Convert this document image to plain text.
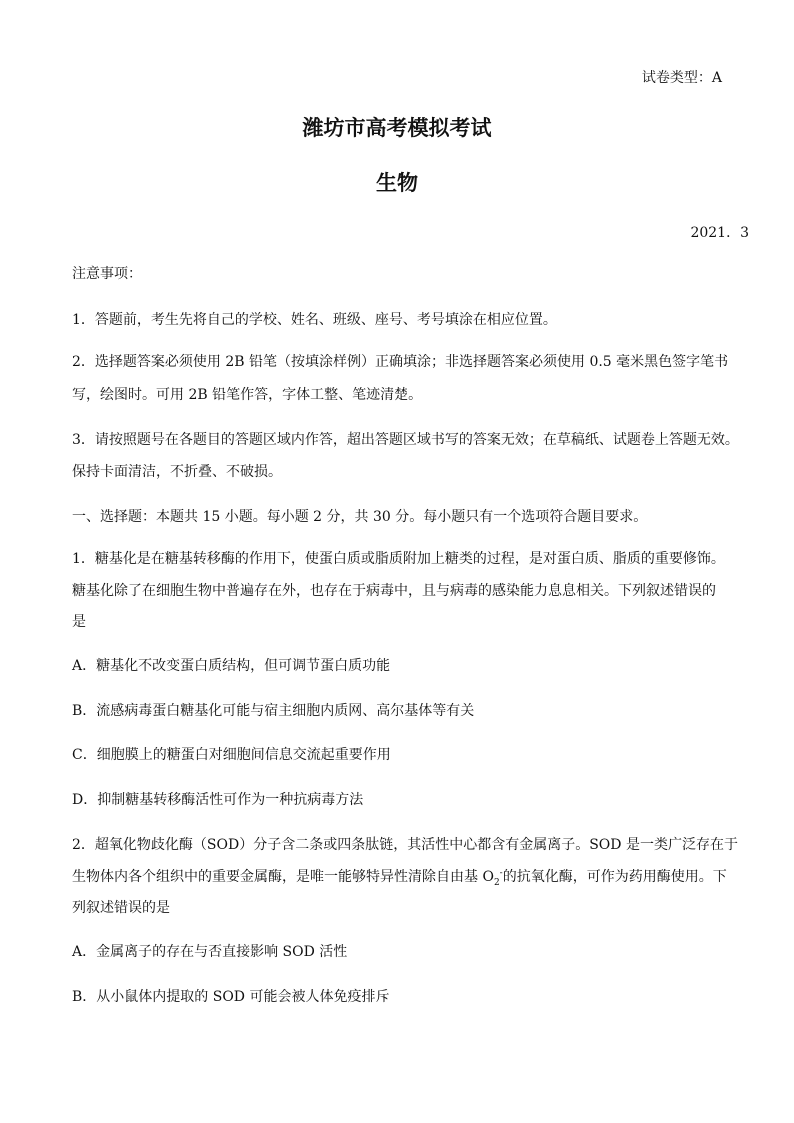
试卷类型：A
潍坊市高考模拟考试
生物
2021．3
注意事项：
1．答题前，考生先将自己的学校、姓名、班级、座号、考号填涂在相应位置。
2．选择题答案必须使用 2B 铅笔（按填涂样例）正确填涂；非选择题答案必须使用 0.5 毫米黑色签字笔书
写，绘图时。可用 2B 铅笔作答，字体工整、笔迹清楚。
3．请按照题号在各题目的答题区域内作答，超出答题区域书写的答案无效；在草稿纸、试题卷上答题无效。
保持卡面清洁，不折叠、不破损。
一、选择题：本题共 15 小题。每小题 2 分，共 30 分。每小题只有一个选项符合题目要求。
1．糖基化是在糖基转移酶的作用下，使蛋白质或脂质附加上糖类的过程，是对蛋白质、脂质的重要修饰。
糖基化除了在细胞生物中普遍存在外，也存在于病毒中，且与病毒的感染能力息息相关。下列叙述错误的
是
A．糖基化不改变蛋白质结构，但可调节蛋白质功能
B．流感病毒蛋白糖基化可能与宿主细胞内质网、高尔基体等有关
C．细胞膜上的糖蛋白对细胞间信息交流起重要作用
D．抑制糖基转移酶活性可作为一种抗病毒方法
2．超氧化物歧化酶（SOD）分子含二条或四条肽链，其活性中心都含有金属离子。SOD 是一类广泛存在于
生物体内各个组织中的重要金属酶，是唯一能够特异性清除自由基 $O_2^-$的抗氧化酶，可作为药用酶使用。下
列叙述错误的是
A．金属离子的存在与否直接影响 SOD 活性
B．从小鼠体内提取的 SOD 可能会被人体免疫排斥
